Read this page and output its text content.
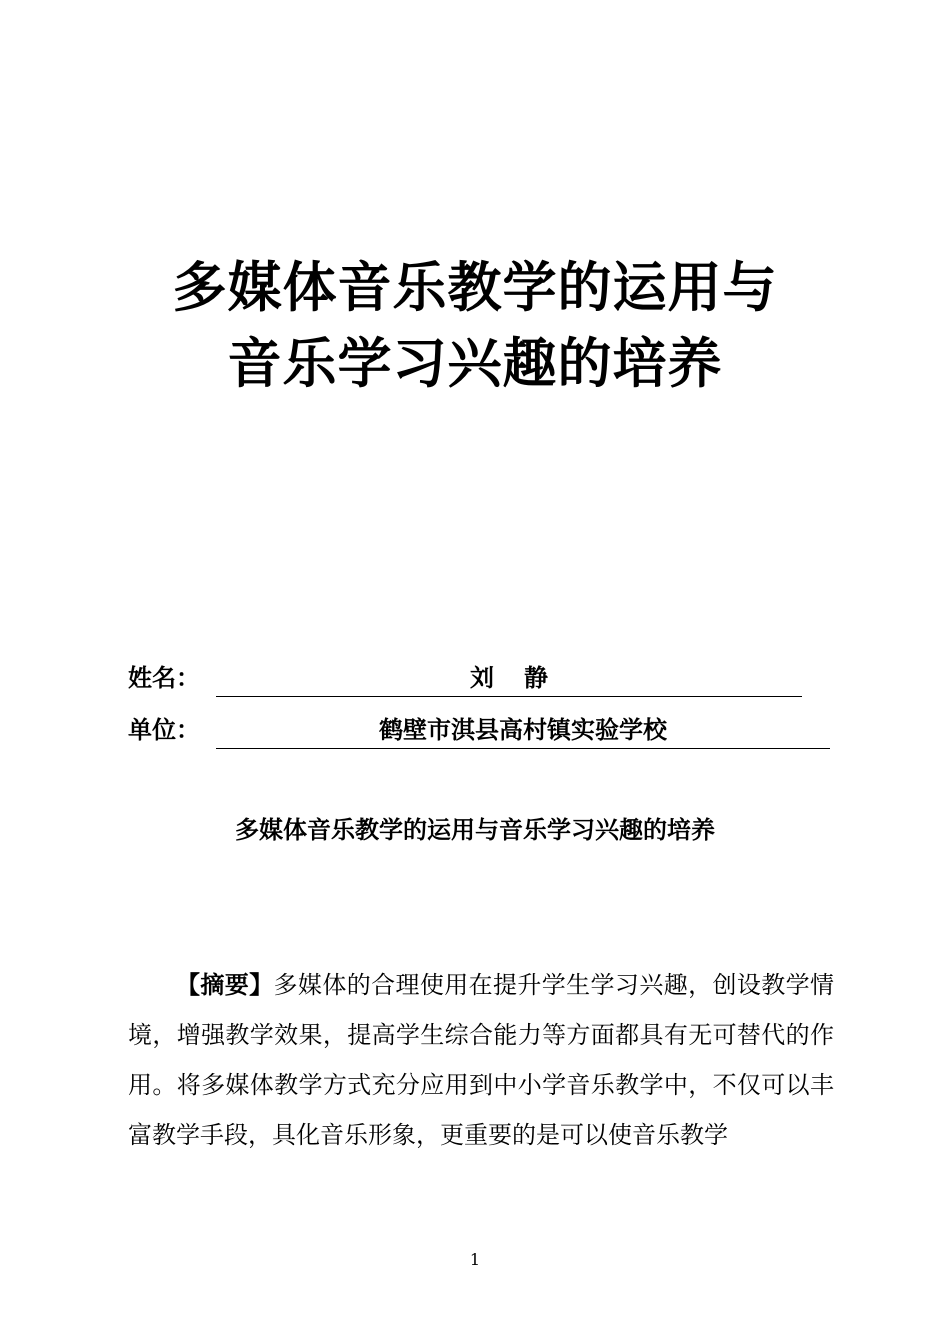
多媒体音乐教学的运用与
音乐学习兴趣的培养
姓名：	刘静
单位：	鹤壁市淇县高村镇实验学校
多媒体音乐教学的运用与音乐学习兴趣的培养

【摘要】多媒体的合理使用在提升学生学习兴趣，创设教学情境，增强教学效果，提高学生综合能力等方面都具有无可替代的作用。将多媒体教学方式充分应用到中小学音乐教学中，不仅可以丰富教学手段，具化音乐形象，更重要的是可以使音乐教学

1
